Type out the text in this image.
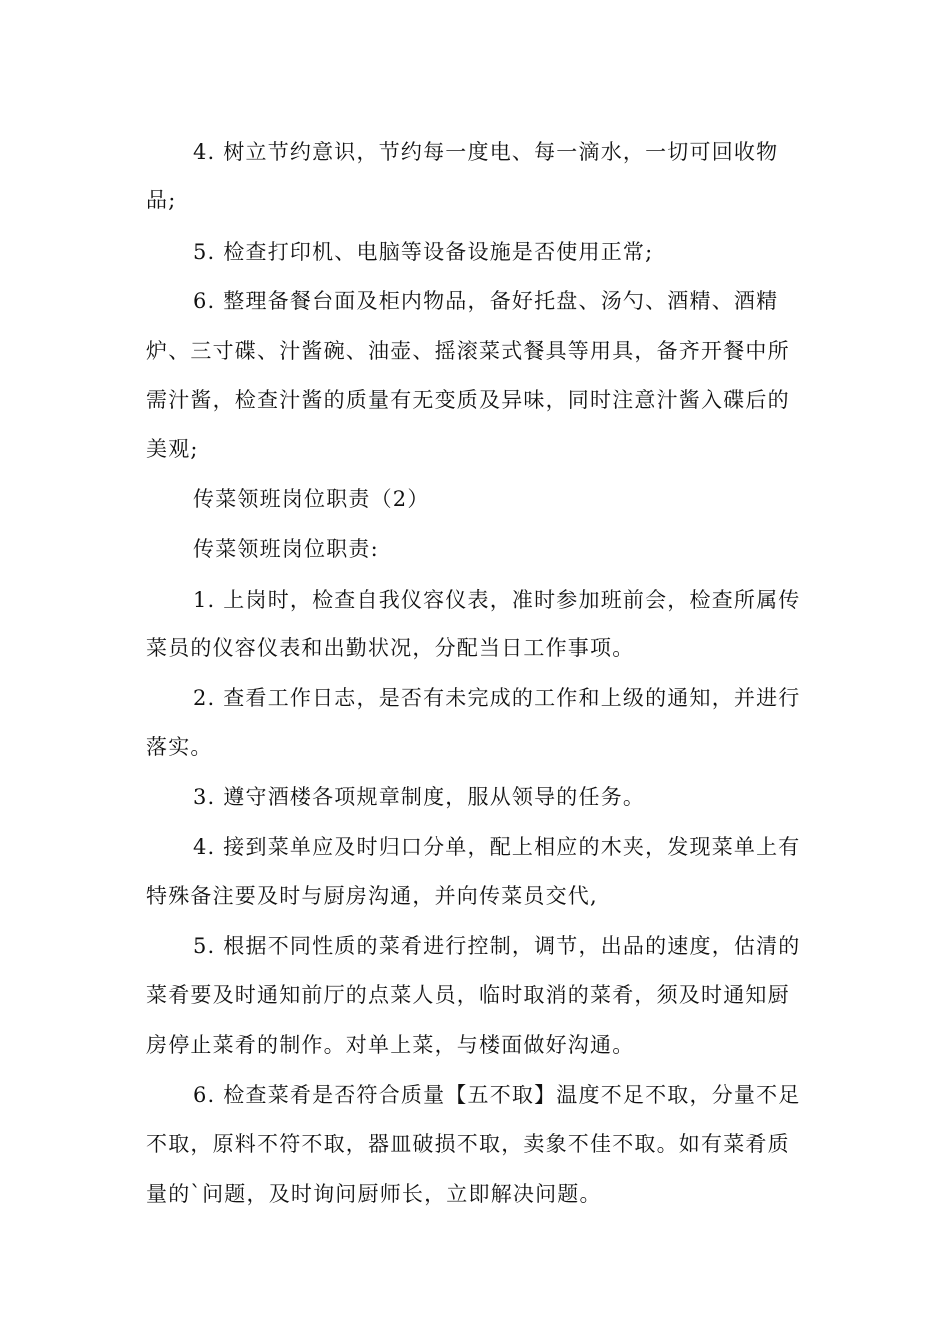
4. 树立节约意识，节约每一度电、每一滴水，一切可回收物
品;
5. 检查打印机、电脑等设备设施是否使用正常;
6. 整理备餐台面及柜内物品，备好托盘、汤勺、酒精、酒精
炉、三寸碟、汁酱碗、油壶、摇滚菜式餐具等用具，备齐开餐中所
需汁酱，检查汁酱的质量有无变质及异味，同时注意汁酱入碟后的
美观;
传菜领班岗位职责（2）
传菜领班岗位职责:
1. 上岗时，检查自我仪容仪表，准时参加班前会，检查所属传
菜员的仪容仪表和出勤状况，分配当日工作事项。
2. 查看工作日志，是否有未完成的工作和上级的通知，并进行
落实。
3. 遵守酒楼各项规章制度，服从领导的任务。
4. 接到菜单应及时归口分单，配上相应的木夹，发现菜单上有
特殊备注要及时与厨房沟通，并向传菜员交代,
5. 根据不同性质的菜肴进行控制，调节，出品的速度，估清的
菜肴要及时通知前厅的点菜人员，临时取消的菜肴，须及时通知厨
房停止菜肴的制作。对单上菜，与楼面做好沟通。
6. 检查菜肴是否符合质量【五不取】温度不足不取，分量不足
不取，原料不符不取，器皿破损不取，卖象不佳不取。如有菜肴质
量的`问题，及时询问厨师长，立即解决问题。
